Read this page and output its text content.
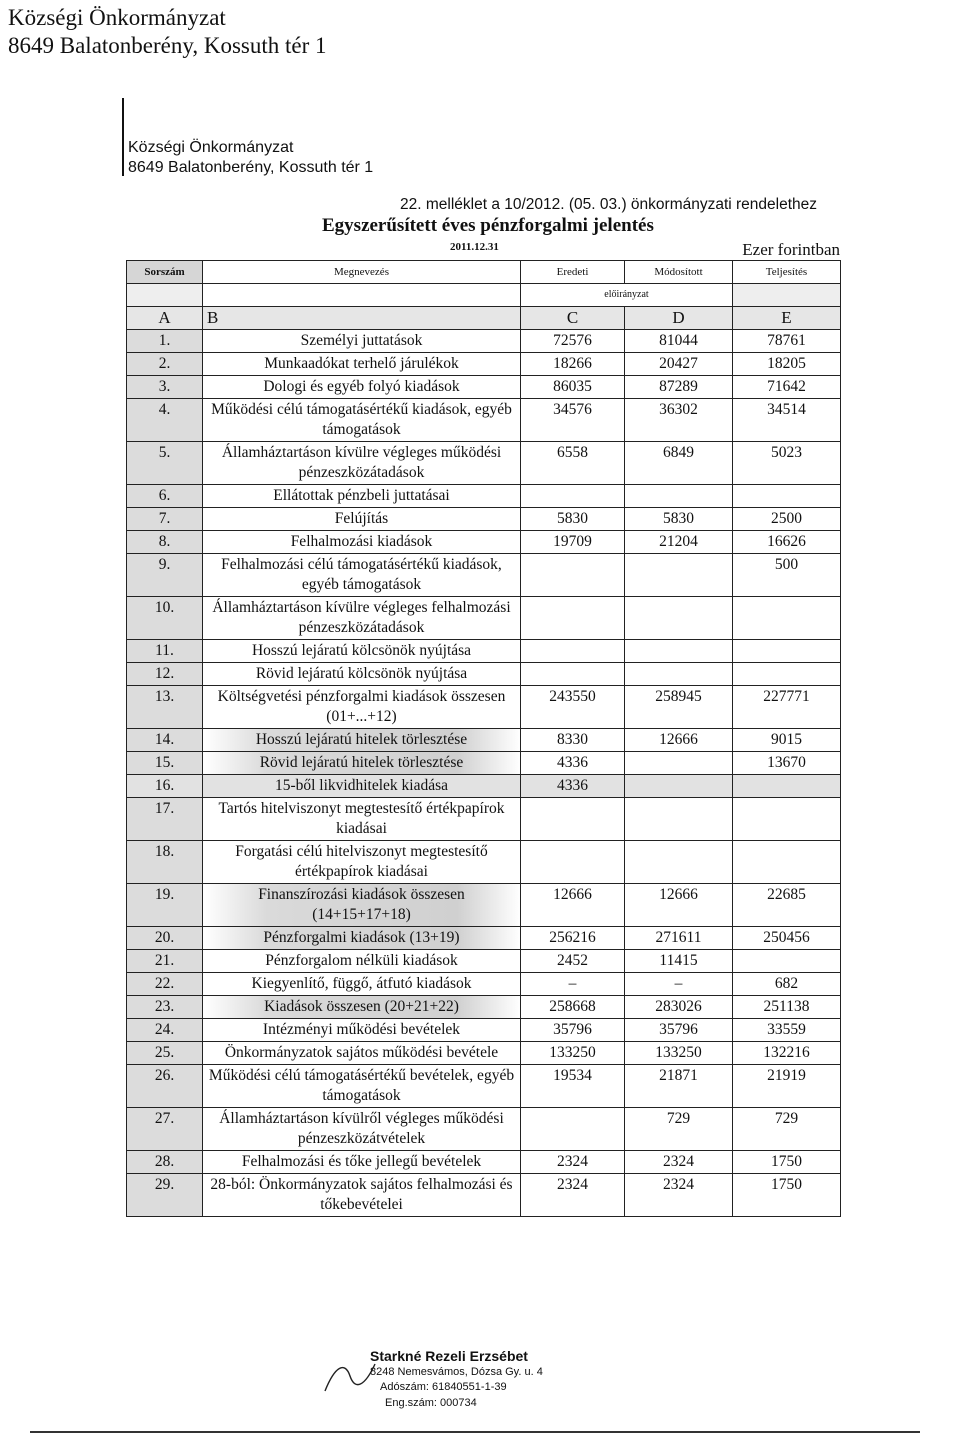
Községi Önkormányzat
8649 Balatonberény, Kossuth tér 1
Községi Önkormányzat
8649 Balatonberény, Kossuth tér 1
22. melléklet a 10/2012. (05. 03.) önkormányzati rendelethez
Egyszerűsített éves pénzforgalmi jelentés
2011.12.31	Ezer forintban
Sorszám	Megnevezés	Eredeti	Módosított	Teljesítés
		előirányzat		
A	B	C	D	E
1.	Személyi juttatások	72576	81044	78761
2.	Munkaadókat terhelő járulékok	18266	20427	18205
3.	Dologi és egyéb folyó kiadások	86035	87289	71642
4.	Működési célú támogatásértékű kiadások, egyéb támogatások	34576	36302	34514
5.	Államháztartáson kívülre végleges működési pénzeszközátadások	6558	6849	5023
6.	Ellátottak pénzbeli juttatásai			
7.	Felújítás	5830	5830	2500
8.	Felhalmozási kiadások	19709	21204	16626
9.	Felhalmozási célú támogatásértékű kiadások, egyéb támogatások			500
10.	Államháztartáson kívülre végleges felhalmozási pénzeszközátadások			
11.	Hosszú lejáratú kölcsönök nyújtása			
12.	Rövid lejáratú kölcsönök nyújtása			
13.	Költségvetési pénzforgalmi kiadások összesen (01+...+12)	243550	258945	227771
14.	Hosszú lejáratú hitelek törlesztése	8330	12666	9015
15.	Rövid lejáratú hitelek törlesztése	4336		13670
16.	15-ből likvidhitelek kiadása	4336		
17.	Tartós hitelviszonyt megtestesítő értékpapírok kiadásai			
18.	Forgatási célú hitelviszonyt megtestesítő értékpapírok kiadásai			
19.	Finanszírozási kiadások összesen (14+15+17+18)	12666	12666	22685
20.	Pénzforgalmi kiadások (13+19)	256216	271611	250456
21.	Pénzforgalom nélküli kiadások	2452	11415	
22.	Kiegyenlítő, függő, átfutó kiadások	–	–	682
23.	Kiadások összesen (20+21+22)	258668	283026	251138
24.	Intézményi működési bevételek	35796	35796	33559
25.	Önkormányzatok sajátos működési bevétele	133250	133250	132216
26.	Működési célú támogatásértékű bevételek, egyéb támogatások	19534	21871	21919
27.	Államháztartáson kívülről végleges működési pénzeszközátvételek		729	729
28.	Felhalmozási és tőke jellegű bevételek	2324	2324	1750
29.	28-ból: Önkormányzatok sajátos felhalmozási és tőkebevételei	2324	2324	1750
Starkné Rezeli Erzsébet
8248 Nemesvámos, Dózsa Gy. u. 4
Adószám: 61840551-1-39
Eng.szám: 000734
